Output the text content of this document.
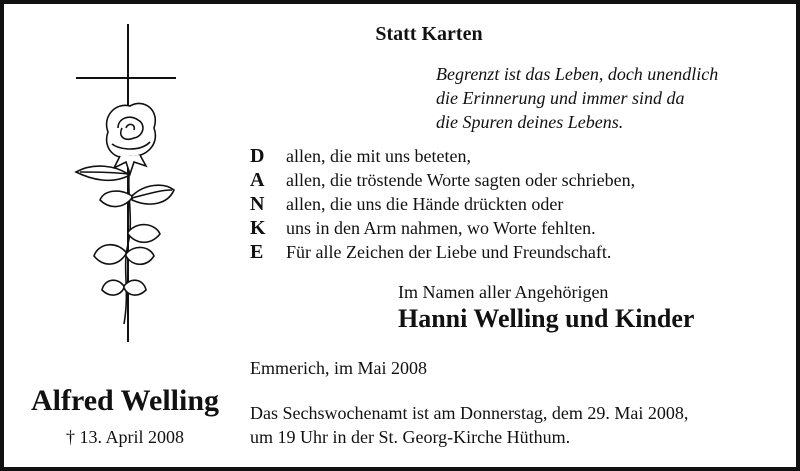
Statt Karten
Begrenzt ist das Leben, doch unendlich
die Erinnerung und immer sind da
die Spuren deines Lebens.
D	allen, die mit uns beteten,
A	allen, die tröstende Worte sagten oder schrieben,
N	allen, die uns die Hände drückten oder
K	uns in den Arm nahmen, wo Worte fehlten.
E	Für alle Zeichen der Liebe und Freundschaft.
Im Namen aller Angehörigen
Hanni Welling und Kinder
Emmerich, im Mai 2008
Das Sechswochenamt ist am Donnerstag, dem 29. Mai 2008,
um 19 Uhr in der St. Georg-Kirche Hüthum.
Alfred Welling
† 13. April 2008
